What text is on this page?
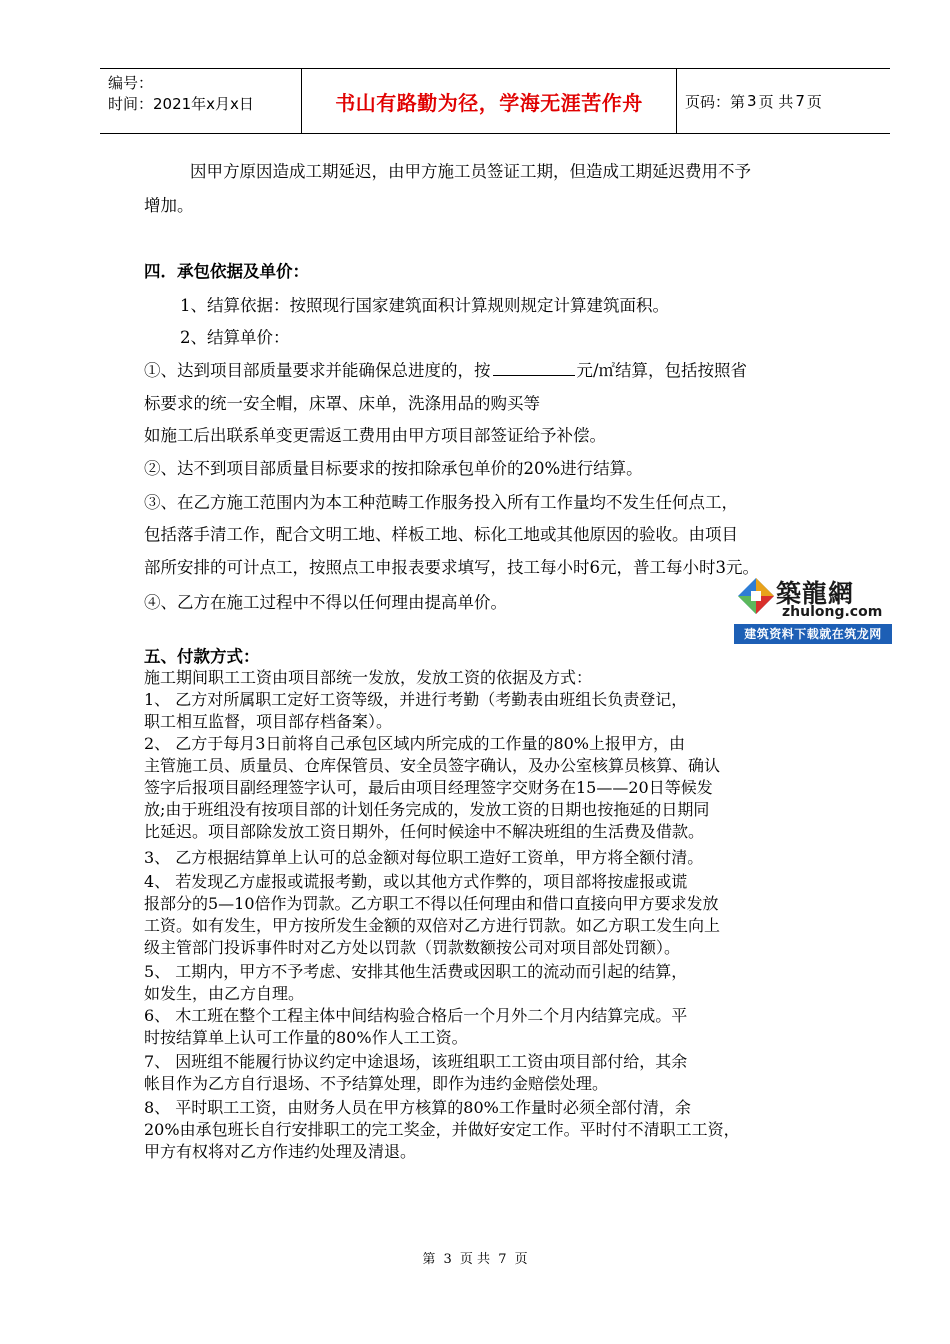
编号：
时间：2021年x月x日	书山有路勤为径，学海无涯苦作舟	页码：第 3 页 共 7 页
因甲方原因造成工期延迟，由甲方施工员签证工期，但造成工期延迟费用不予
增加。
四．承包依据及单价：
1、结算依据：按照现行国家建筑面积计算规则规定计算建筑面积。
2、结算单价：
①、达到项目部质量要求并能确保总进度的，按	元/㎡结算，包括按照省
标要求的统一安全帽，床罩、床单，洗涤用品的购买等
如施工后出联系单变更需返工费用由甲方项目部签证给予补偿。
②、达不到项目部质量目标要求的按扣除承包单价的20%进行结算。
③、在乙方施工范围内为本工种范畴工作服务投入所有工作量均不发生任何点工，
包括落手清工作，配合文明工地、样板工地、标化工地或其他原因的验收。由项目
部所安排的可计点工，按照点工申报表要求填写，技工每小时6元，普工每小时3元。
④、乙方在施工过程中不得以任何理由提高单价。
五、付款方式：
施工期间职工工资由项目部统一发放，发放工资的依据及方式：
1、 乙方对所属职工定好工资等级，并进行考勤（考勤表由班组长负责登记，
职工相互监督，项目部存档备案）。
2、 乙方于每月3日前将自己承包区域内所完成的工作量的80%上报甲方，由
主管施工员、质量员、仓库保管员、安全员签字确认，及办公室核算员核算、确认
签字后报项目副经理签字认可，最后由项目经理签字交财务在15——20日等候发
放;由于班组没有按项目部的计划任务完成的，发放工资的日期也按拖延的日期同
比延迟。项目部除发放工资日期外，任何时候途中不解决班组的生活费及借款。
3、 乙方根据结算单上认可的总金额对每位职工造好工资单，甲方将全额付清。
4、 若发现乙方虚报或谎报考勤，或以其他方式作弊的，项目部将按虚报或谎
报部分的5—10倍作为罚款。乙方职工不得以任何理由和借口直接向甲方要求发放
工资。如有发生，甲方按所发生金额的双倍对乙方进行罚款。如乙方职工发生向上
级主管部门投诉事件时对乙方处以罚款（罚款数额按公司对项目部处罚额）。
5、 工期内，甲方不予考虑、安排其他生活费或因职工的流动而引起的结算，
如发生，由乙方自理。
6、 木工班在整个工程主体中间结构验合格后一个月外二个月内结算完成。平
时按结算单上认可工作量的80%作人工工资。
7、 因班组不能履行协议约定中途退场，该班组职工工资由项目部付给，其余
帐目作为乙方自行退场、不予结算处理，即作为违约金赔偿处理。
8、 平时职工工资，由财务人员在甲方核算的80%工作量时必须全部付清，余
20%由承包班长自行安排职工的完工奖金，并做好安定工作。平时付不清职工工资，
甲方有权将对乙方作违约处理及清退。
築龍網
zhulong.com
建筑资料下载就在筑龙网
第 3 页 共 7 页
